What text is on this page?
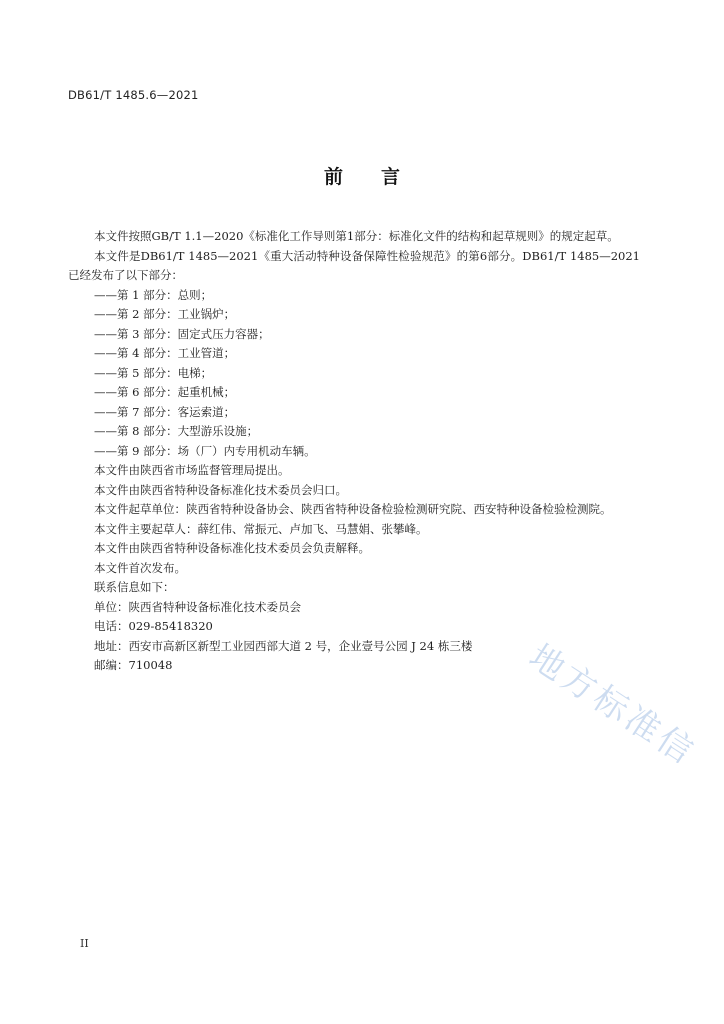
DB61/T 1485.6—2021
前言

本文件按照GB/T 1.1—2020《标准化工作导则第1部分：标准化文件的结构和起草规则》的规定起草。

本文件是DB61/T 1485—2021《重大活动特种设备保障性检验规范》的第6部分。DB61/T 1485—2021已经发布了以下部分：

——第 1 部分：总则；

——第 2 部分：工业锅炉；

——第 3 部分：固定式压力容器；

——第 4 部分：工业管道；

——第 5 部分：电梯；

——第 6 部分：起重机械；

——第 7 部分：客运索道；

——第 8 部分：大型游乐设施；

——第 9 部分：场（厂）内专用机动车辆。

本文件由陕西省市场监督管理局提出。

本文件由陕西省特种设备标准化技术委员会归口。

本文件起草单位：陕西省特种设备协会、陕西省特种设备检验检测研究院、西安特种设备检验检测院。

本文件主要起草人：薛红伟、常振元、卢加飞、马慧娟、张攀峰。

本文件由陕西省特种设备标准化技术委员会负责解释。

本文件首次发布。

联系信息如下：

单位：陕西省特种设备标准化技术委员会

电话：029-85418320

地址：西安市高新区新型工业园西部大道 2 号，企业壹号公园 J 24 栋三楼

邮编：710048	地方标准信
II
